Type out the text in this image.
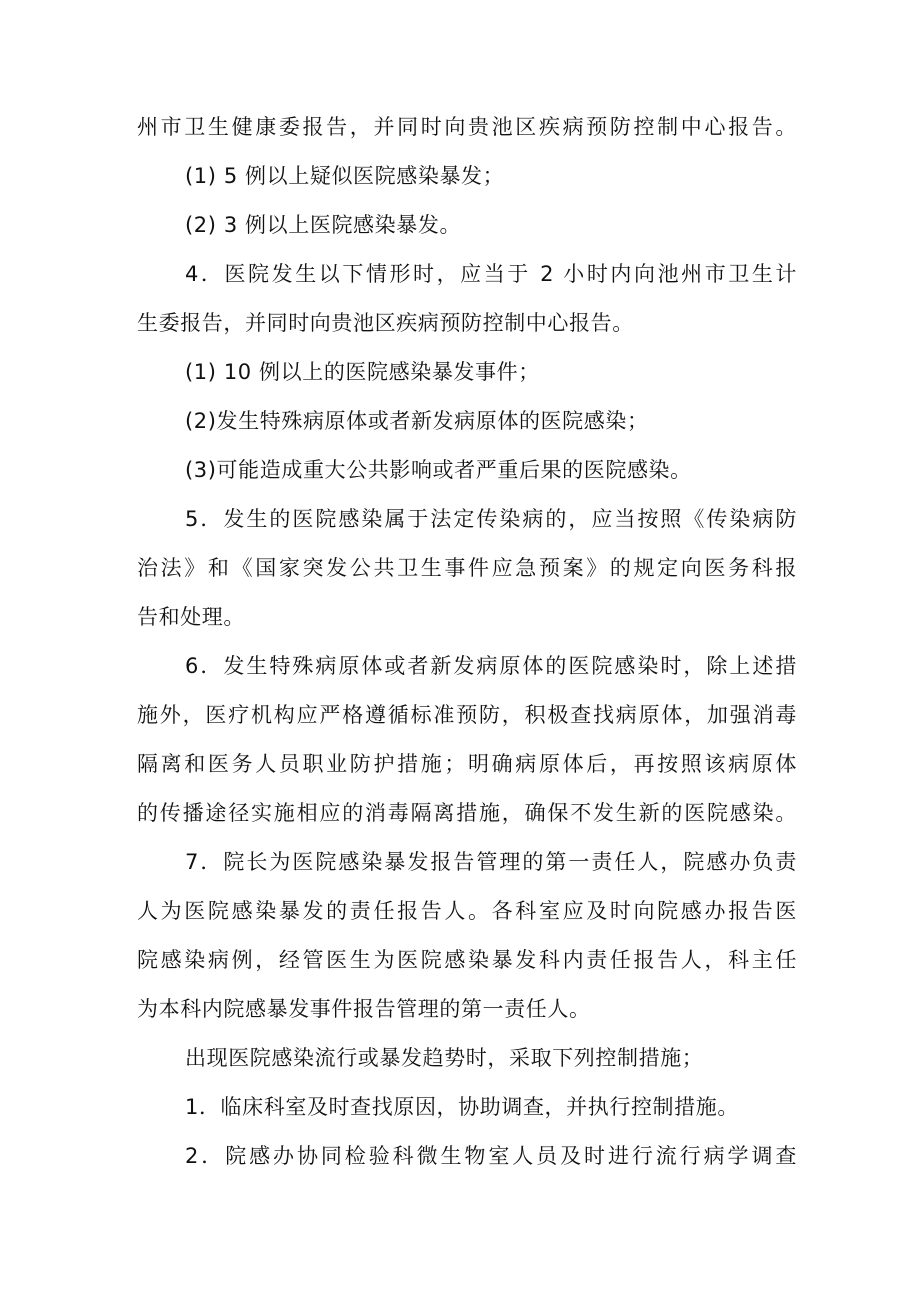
州市卫生健康委报告，并同时向贵池区疾病预防控制中心报告。
(1) 5 例以上疑似医院感染暴发；
(2) 3 例以上医院感染暴发。
4．医院发生以下情形时，应当于 2 小时内向池州市卫生计
生委报告，并同时向贵池区疾病预防控制中心报告。
(1) 10 例以上的医院感染暴发事件；
(2)发生特殊病原体或者新发病原体的医院感染；
(3)可能造成重大公共影响或者严重后果的医院感染。
5．发生的医院感染属于法定传染病的，应当按照《传染病防
治法》和《国家突发公共卫生事件应急预案》的规定向医务科报
告和处理。
6．发生特殊病原体或者新发病原体的医院感染时，除上述措
施外，医疗机构应严格遵循标准预防，积极查找病原体，加强消毒
隔离和医务人员职业防护措施；明确病原体后，再按照该病原体
的传播途径实施相应的消毒隔离措施，确保不发生新的医院感染。
7．院长为医院感染暴发报告管理的第一责任人，院感办负责
人为医院感染暴发的责任报告人。各科室应及时向院感办报告医
院感染病例，经管医生为医院感染暴发科内责任报告人，科主任
为本科内院感暴发事件报告管理的第一责任人。
出现医院感染流行或暴发趋势时，采取下列控制措施；
1．临床科室及时查找原因，协助调查，并执行控制措施。
2．院感办协同检验科微生物室人员及时进行流行病学调查
